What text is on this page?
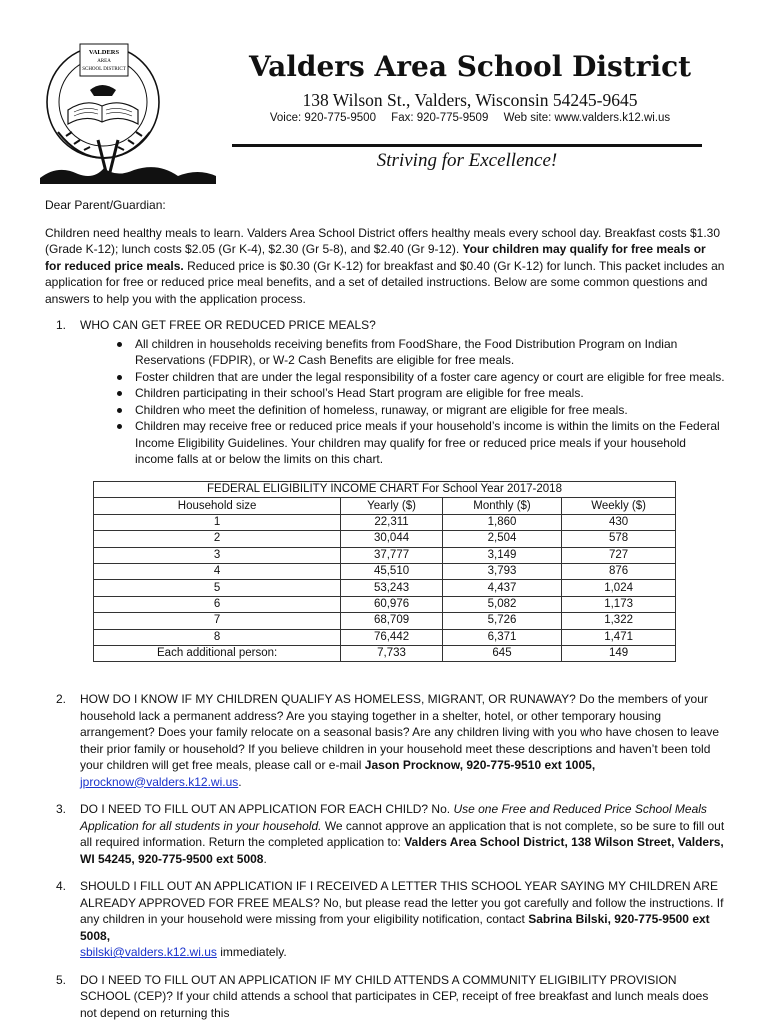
VALDERS
AREA
SCHOOL DISTRICT	Valders Area School District
138 Wilson St., Valders, Wisconsin 54245-9645
Voice: 920-775-9500 Fax: 920-775-9509 Web site: www.valders.k12.wi.us
Striving for Excellence!

Dear Parent/Guardian:

Children need healthy meals to learn. Valders Area School District offers healthy meals every school day. Breakfast costs $1.30 (Grade K-12); lunch costs $2.05 (Gr K-4), $2.30 (Gr 5-8), and $2.40 (Gr 9-12). Your children may qualify for free meals or for reduced price meals. Reduced price is $0.30 (Gr K-12) for breakfast and $0.40 (Gr K-12) for lunch. This packet includes an application for free or reduced price meal benefits, and a set of detailed instructions. Below are some common questions and answers to help you with the application process.

1. WHO CAN GET FREE OR REDUCED PRICE MEALS?
All children in households receiving benefits from FoodShare, the Food Distribution Program on Indian Reservations (FDPIR), or W-2 Cash Benefits are eligible for free meals.
Foster children that are under the legal responsibility of a foster care agency or court are eligible for free meals.
Children participating in their school’s Head Start program are eligible for free meals.
Children who meet the definition of homeless, runaway, or migrant are eligible for free meals.
Children may receive free or reduced price meals if your household’s income is within the limits on the Federal Income Eligibility Guidelines. Your children may qualify for free or reduced price meals if your household income falls at or below the limits on this chart.
FEDERAL ELIGIBILITY INCOME CHART For School Year 2017-2018			
Household size	Yearly ($)	Monthly ($)	Weekly ($)
1	22,311	1,860	430
2	30,044	2,504	578
3	37,777	3,149	727
4	45,510	3,793	876
5	53,243	4,437	1,024
6	60,976	5,082	1,173
7	68,709	5,726	1,322
8	76,442	6,371	1,471
Each additional person:	7,733	645	149
2. HOW DO I KNOW IF MY CHILDREN QUALIFY AS HOMELESS, MIGRANT, OR RUNAWAY? Do the members of your household lack a permanent address? Are you staying together in a shelter, hotel, or other temporary housing arrangement? Does your family relocate on a seasonal basis? Are any children living with you who have chosen to leave their prior family or household? If you believe children in your household meet these descriptions and haven’t been told your children will get free meals, please call or e-mail Jason Procknow, 920-775-9510 ext 1005, jprocknow@valders.k12.wi.us.
3. DO I NEED TO FILL OUT AN APPLICATION FOR EACH CHILD? No. Use one Free and Reduced Price School Meals Application for all students in your household. We cannot approve an application that is not complete, so be sure to fill out all required information. Return the completed application to: Valders Area School District, 138 Wilson Street, Valders, WI 54245, 920-775-9500 ext 5008.
4. SHOULD I FILL OUT AN APPLICATION IF I RECEIVED A LETTER THIS SCHOOL YEAR SAYING MY CHILDREN ARE ALREADY APPROVED FOR FREE MEALS? No, but please read the letter you got carefully and follow the instructions. If any children in your household were missing from your eligibility notification, contact Sabrina Bilski, 920-775-9500 ext 5008,
sbilski@valders.k12.wi.us immediately.
5. DO I NEED TO FILL OUT AN APPLICATION IF MY CHILD ATTENDS A COMMUNITY ELIGIBILITY PROVISION SCHOOL (CEP)? If your child attends a school that participates in CEP, receipt of free breakfast and lunch meals does not depend on returning this
